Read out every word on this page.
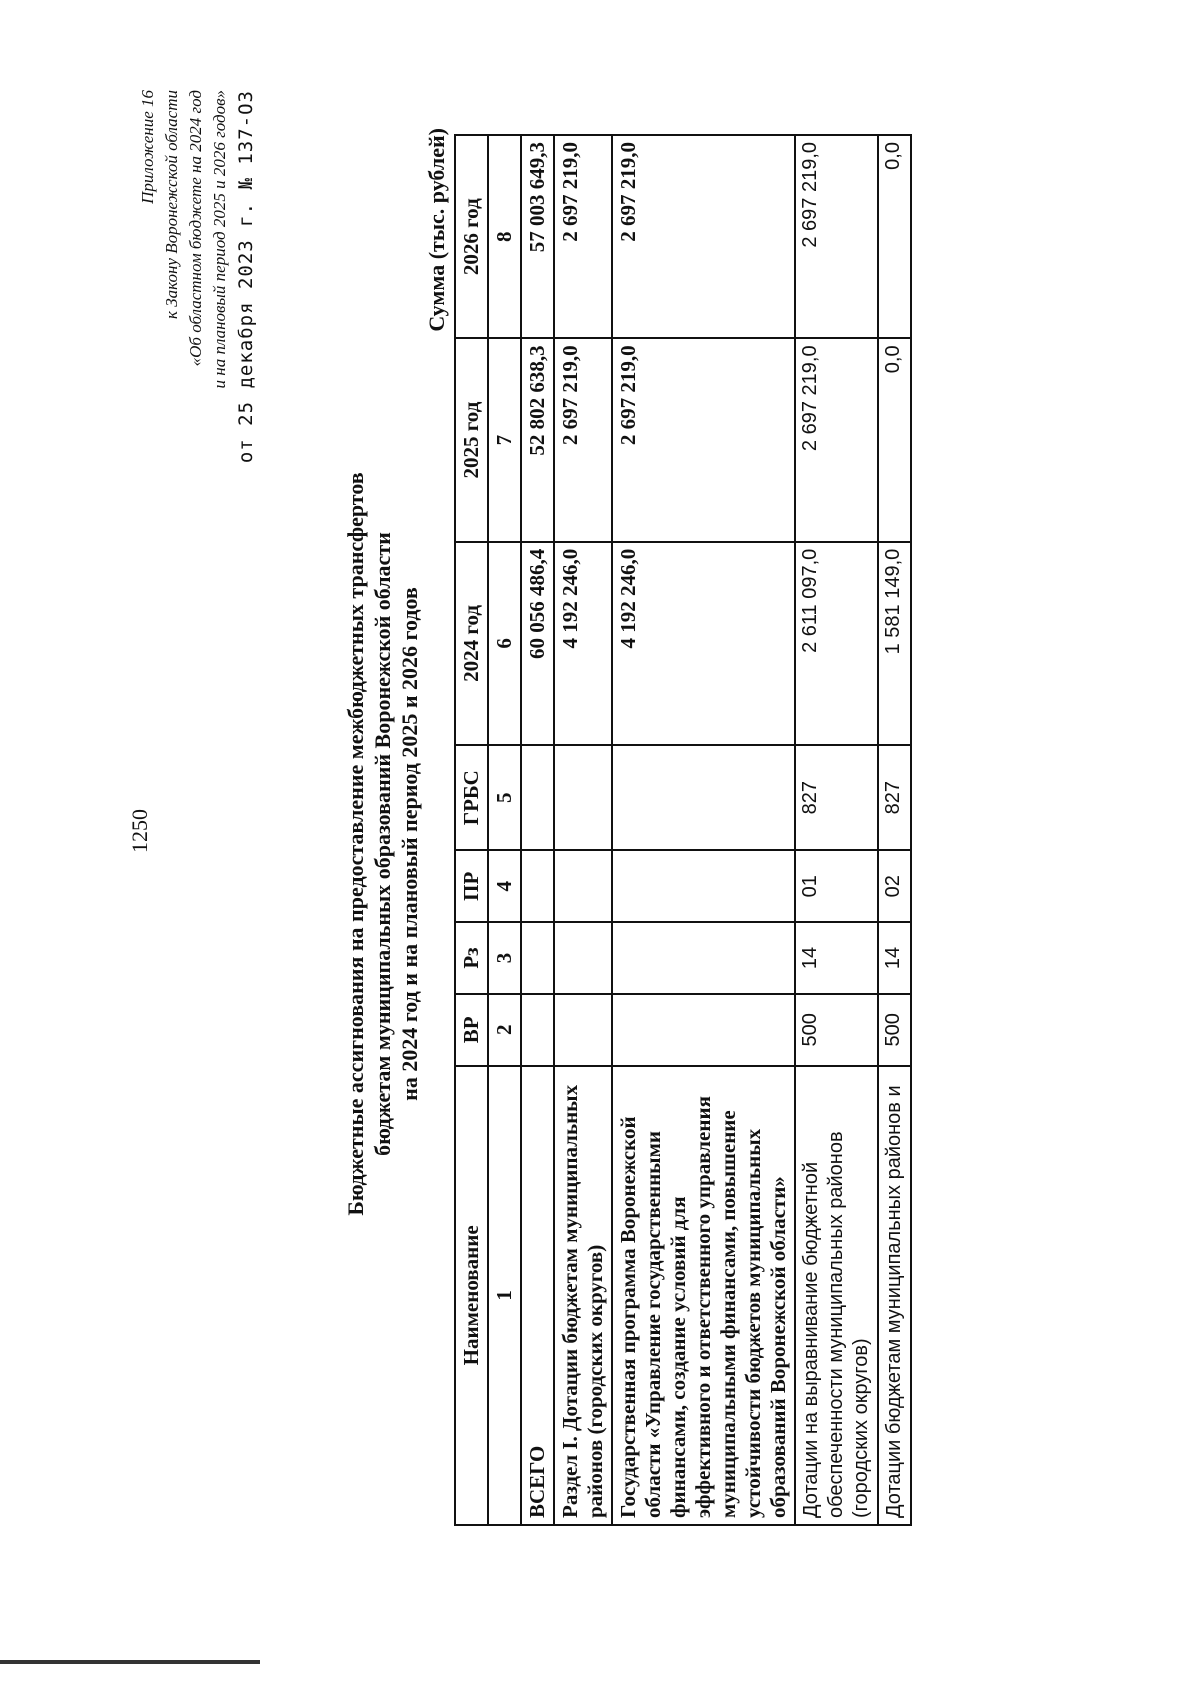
1250
Приложение 16 к Закону Воронежской области «Об областном бюджете на 2024 год и на плановый период 2025 и 2026 годов» от 25 декабря 2023 г. № 137-ОЗ
Бюджетные ассигнования на предоставление межбюджетных трансфертов бюджетам муниципальных образований Воронежской области на 2024 год и на плановый период 2025 и 2026 годов
Сумма (тыс. рублей)
Наименование	ВР	Рз	ПР	ГРБС	2024 год	2025 год	2026 год
1	2	3	4	5	6	7	8
ВСЕГО					60 056 486,4	52 802 638,3	57 003 649,3
Раздел I. Дотации бюджетам муниципальных районов (городских округов)					4 192 246,0	2 697 219,0	2 697 219,0
Государственная программа Воронежской области «Управление государственными финансами, создание условий для эффективного и ответственного управления муниципальными финансами, повышение устойчивости бюджетов муниципальных образований Воронежской области»					4 192 246,0	2 697 219,0	2 697 219,0
Дотации на выравнивание бюджетной обеспеченности муниципальных районов (городских округов)	500	14	01	827	2 611 097,0	2 697 219,0	2 697 219,0
Дотации бюджетам муниципальных районов и	500	14	02	827	1 581 149,0	0,0	0,0
